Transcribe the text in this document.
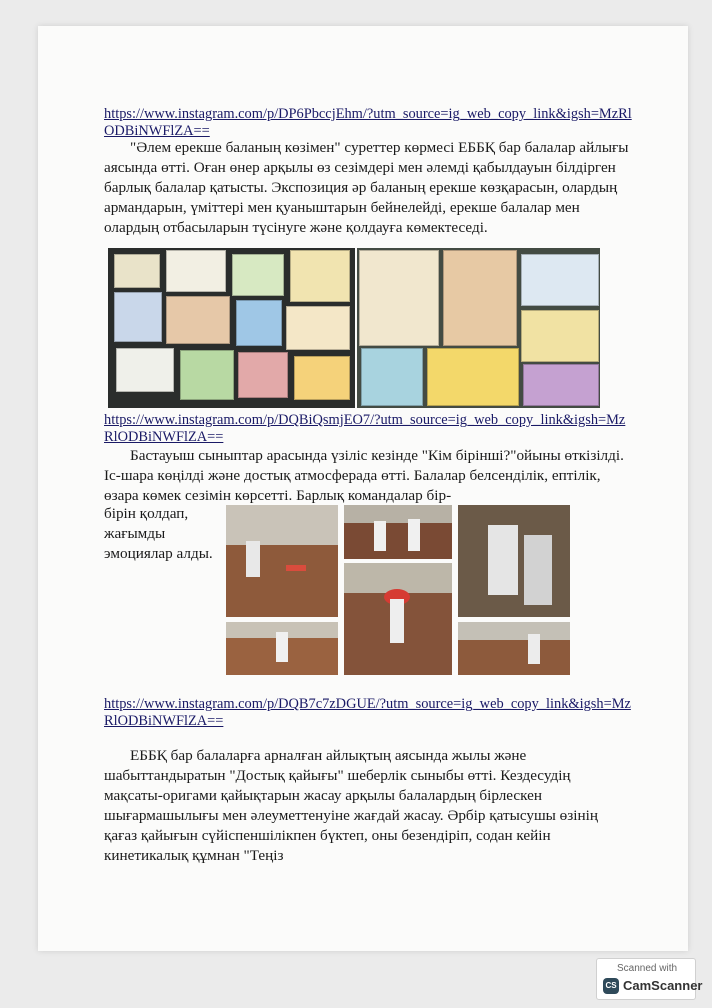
https://www.instagram.com/p/DP6PbccjEhm/?utm_source=ig_web_copy_link&igsh=MzRlODBiNWFlZA==
"Әлем ерекше баланың көзімен" суреттер көрмесі ЕББҚ бар балалар айлығы аясында өтті. Оған өнер арқылы өз сезімдері мен әлемді қабылдауын білдірген барлық балалар қатысты. Экспозиция әр баланың ерекше көзқарасын, олардың армандарын, үміттері мен қуаныштарын бейнелейді, ерекше балалар мен олардың отбасыларын түсінуге және қолдауға көмектеседі.
https://www.instagram.com/p/DQBiQsmjEO7/?utm_source=ig_web_copy_link&igsh=MzRlODBiNWFlZA==
Бастауыш сыныптар арасында үзіліс кезінде "Кім бірінші?"ойыны өткізілді. Іс-шара көңілді және достық атмосферада өтті. Балалар белсенділік, ептілік, өзара көмек сезімін көрсетті. Барлық командалар бір-
бірін қолдап, жағымды эмоциялар алды.
https://www.instagram.com/p/DQB7c7zDGUE/?utm_source=ig_web_copy_link&igsh=MzRlODBiNWFlZA==
ЕББҚ бар балаларға арналған айлықтың аясында жылы және шабыттандыратын "Достық қайығы" шеберлік сыныбы өтті. Кездесудің мақсаты-оригами қайықтарын жасау арқылы балалардың бірлескен шығармашылығы мен әлеуметтенуіне жағдай жасау. Әрбір қатысушы өзінің қағаз қайығын сүйіспеншілікпен бүктеп, оны безендіріп, содан кейін кинетикалық құмнан "Теңіз
Scanned with
CS CamScanner
